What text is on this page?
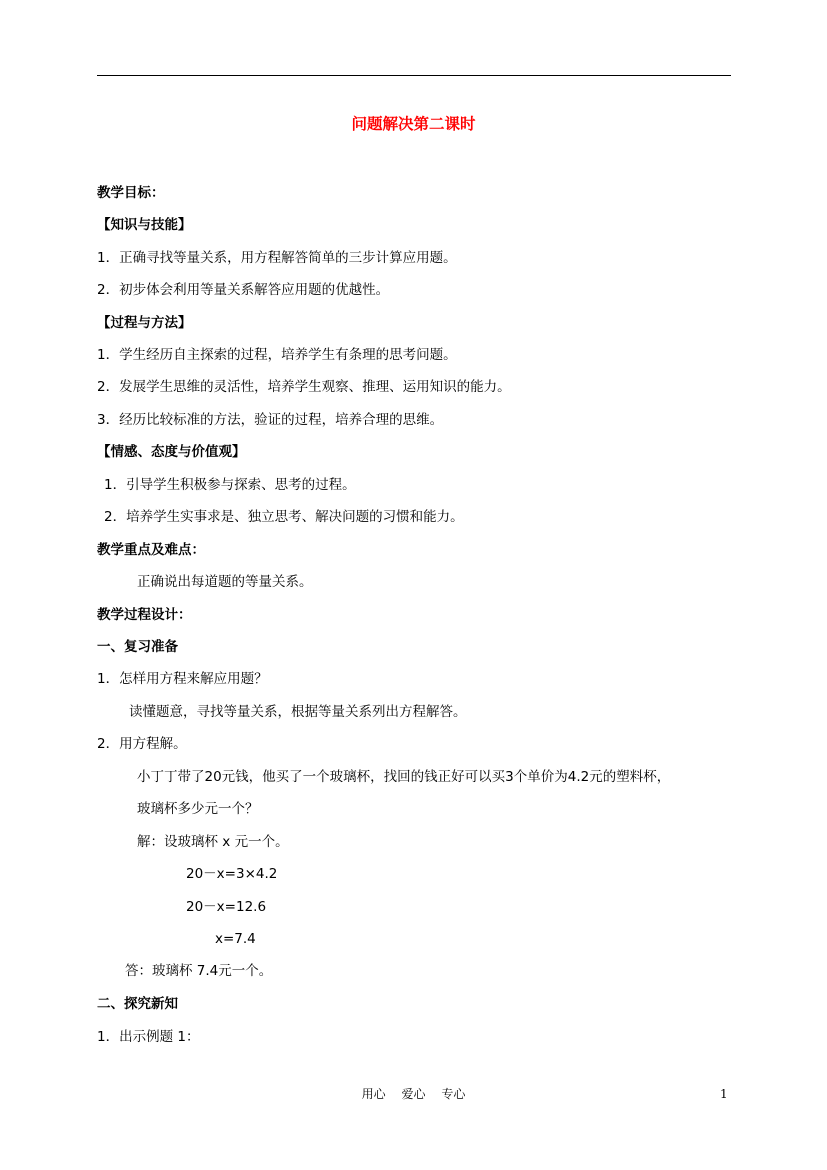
问题解决第二课时
教学目标：
【知识与技能】
1．正确寻找等量关系，用方程解答简单的三步计算应用题。
2．初步体会利用等量关系解答应用题的优越性。
【过程与方法】
1．学生经历自主探索的过程，培养学生有条理的思考问题。
2．发展学生思维的灵活性，培养学生观察、推理、运用知识的能力。
3．经历比较标准的方法，验证的过程，培养合理的思维。
【情感、态度与价值观】
1．引导学生积极参与探索、思考的过程。
2．培养学生实事求是、独立思考、解决问题的习惯和能力。
教学重点及难点：
正确说出每道题的等量关系。
教学过程设计：
一、复习准备
1．怎样用方程来解应用题？
读懂题意，寻找等量关系，根据等量关系列出方程解答。
2．用方程解。
小丁丁带了20元钱，他买了一个玻璃杯，找回的钱正好可以买3个单价为4.2元的塑料杯，
玻璃杯多少元一个？
解：设玻璃杯 x 元一个。
20－x=3×4.2
20－x=12.6
x=7.4
答：玻璃杯 7.4元一个。
二、探究新知
1．出示例题 1：
用心 爱心 专心	1
